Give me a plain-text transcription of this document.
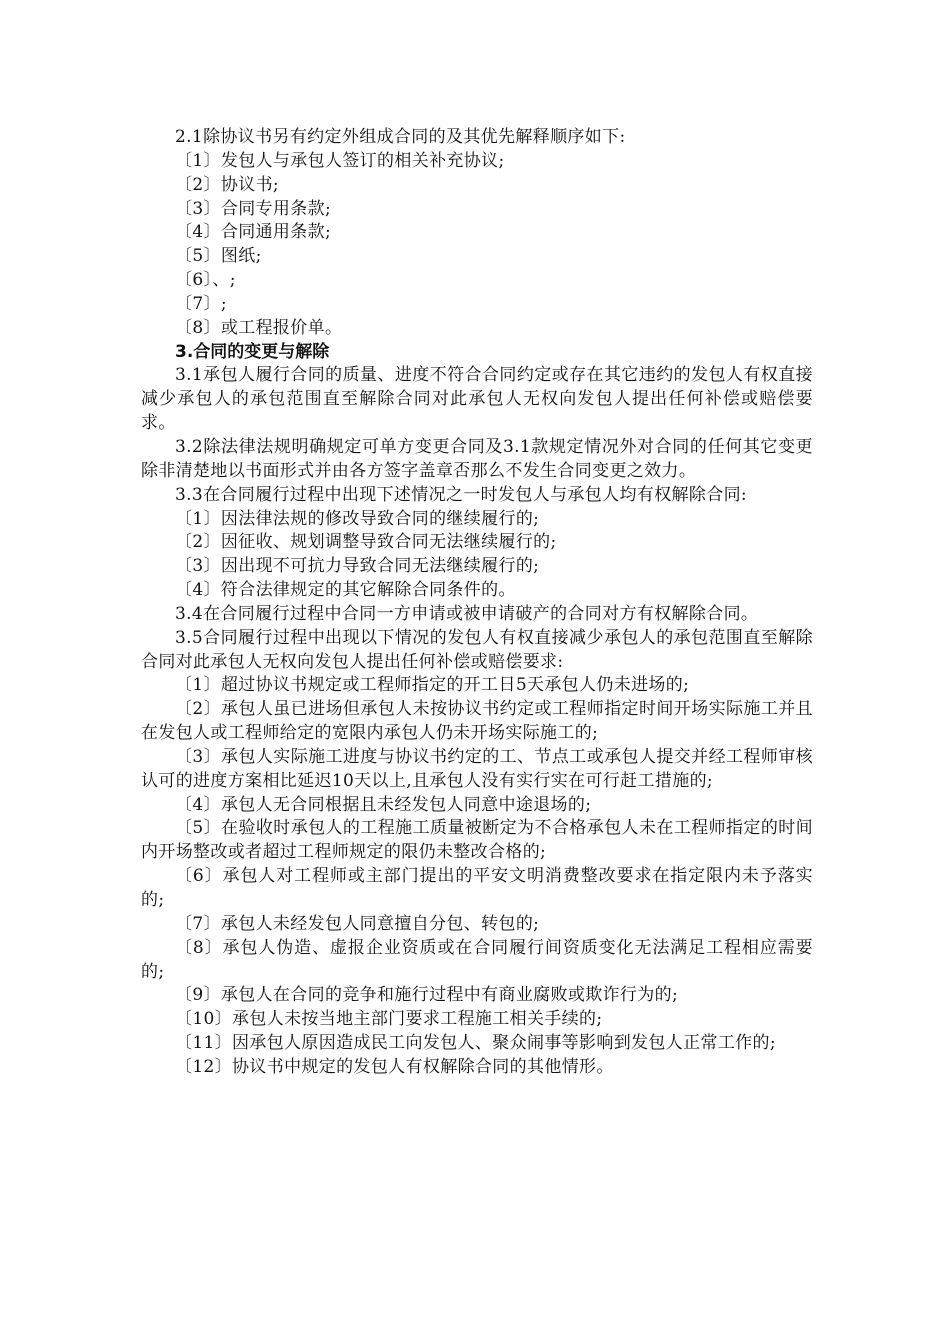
2.1除协议书另有约定外组成合同的及其优先解释顺序如下:

〔1〕发包人与承包人签订的相关补充协议;

〔2〕协议书;

〔3〕合同专用条款;

〔4〕合同通用条款;

〔5〕图纸;

〔6〕、;

〔7〕;

〔8〕或工程报价单。

3.合同的变更与解除

3.1承包人履行合同的质量、进度不符合合同约定或存在其它违约的发包人有权直接减少承包人的承包范围直至解除合同对此承包人无权向发包人提出任何补偿或赔偿要求。

3.2除法律法规明确规定可单方变更合同及3.1款规定情况外对合同的任何其它变更除非清楚地以书面形式并由各方签字盖章否那么不发生合同变更之效力。

3.3在合同履行过程中出现下述情况之一时发包人与承包人均有权解除合同:

〔1〕因法律法规的修改导致合同的继续履行的;

〔2〕因征收、规划调整导致合同无法继续履行的;

〔3〕因出现不可抗力导致合同无法继续履行的;

〔4〕符合法律规定的其它解除合同条件的。

3.4在合同履行过程中合同一方申请或被申请破产的合同对方有权解除合同。

3.5合同履行过程中出现以下情况的发包人有权直接减少承包人的承包范围直至解除合同对此承包人无权向发包人提出任何补偿或赔偿要求:

〔1〕超过协议书规定或工程师指定的开工日5天承包人仍未进场的;

〔2〕承包人虽已进场但承包人未按协议书约定或工程师指定时间开场实际施工并且在发包人或工程师给定的宽限内承包人仍未开场实际施工的;

〔3〕承包人实际施工进度与协议书约定的工、节点工或承包人提交并经工程师审核认可的进度方案相比延迟10天以上,且承包人没有实行实在可行赶工措施的;

〔4〕承包人无合同根据且未经发包人同意中途退场的;

〔5〕在验收时承包人的工程施工质量被断定为不合格承包人未在工程师指定的时间内开场整改或者超过工程师规定的限仍未整改合格的;

〔6〕承包人对工程师或主部门提出的平安文明消费整改要求在指定限内未予落实的;

〔7〕承包人未经发包人同意擅自分包、转包的;

〔8〕承包人伪造、虚报企业资质或在合同履行间资质变化无法满足工程相应需要的;

〔9〕承包人在合同的竞争和施行过程中有商业腐败或欺诈行为的;

〔10〕承包人未按当地主部门要求工程施工相关手续的;

〔11〕因承包人原因造成民工向发包人、聚众闹事等影响到发包人正常工作的;

〔12〕协议书中规定的发包人有权解除合同的其他情形。
